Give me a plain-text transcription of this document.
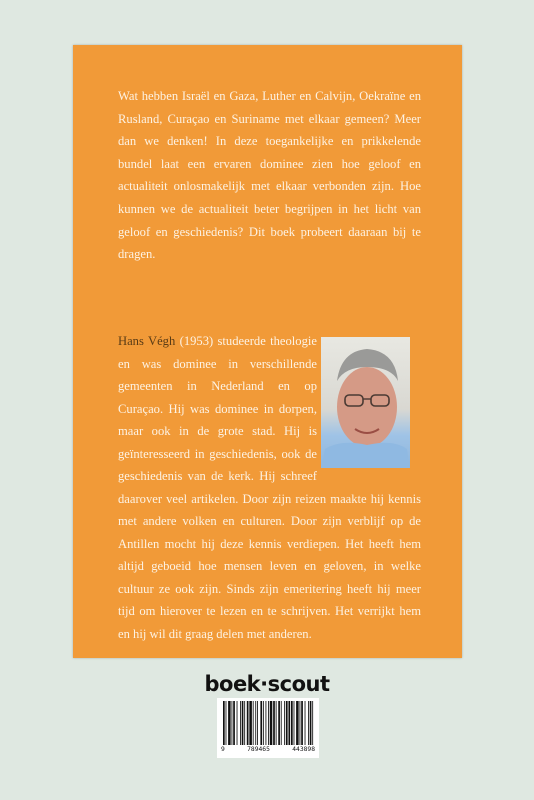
Wat hebben Israël en Gaza, Luther en Calvijn, Oekraïne en Rusland, Curaçao en Suriname met elkaar gemeen? Meer dan we denken! In deze toegankelijke en prikkelende bundel laat een ervaren dominee zien hoe geloof en actualiteit onlosmakelijk met elkaar verbonden zijn. Hoe kunnen we de actualiteit beter begrijpen in het licht van geloof en geschiedenis? Dit boek probeert daaraan bij te dragen.

Hans Végh (1953) studeerde theologie en was dominee in verschillende gemeenten in Nederland en op Curaçao. Hij was dominee in dorpen, maar ook in de grote stad. Hij is geïnteresseerd in geschiedenis, ook de geschiedenis van de kerk. Hij schreef daarover veel artikelen. Door zijn reizen maakte hij kennis met andere volken en culturen. Door zijn verblijf op de Antillen mocht hij deze kennis verdiepen. Het heeft hem altijd geboeid hoe mensen leven en geloven, in welke cultuur ze ook zijn. Sinds zijn emeritering heeft hij meer tijd om hierover te lezen en te schrijven. Het verrijkt hem en hij wil dit graag delen met anderen.

boek·scout
9	789465	443898
